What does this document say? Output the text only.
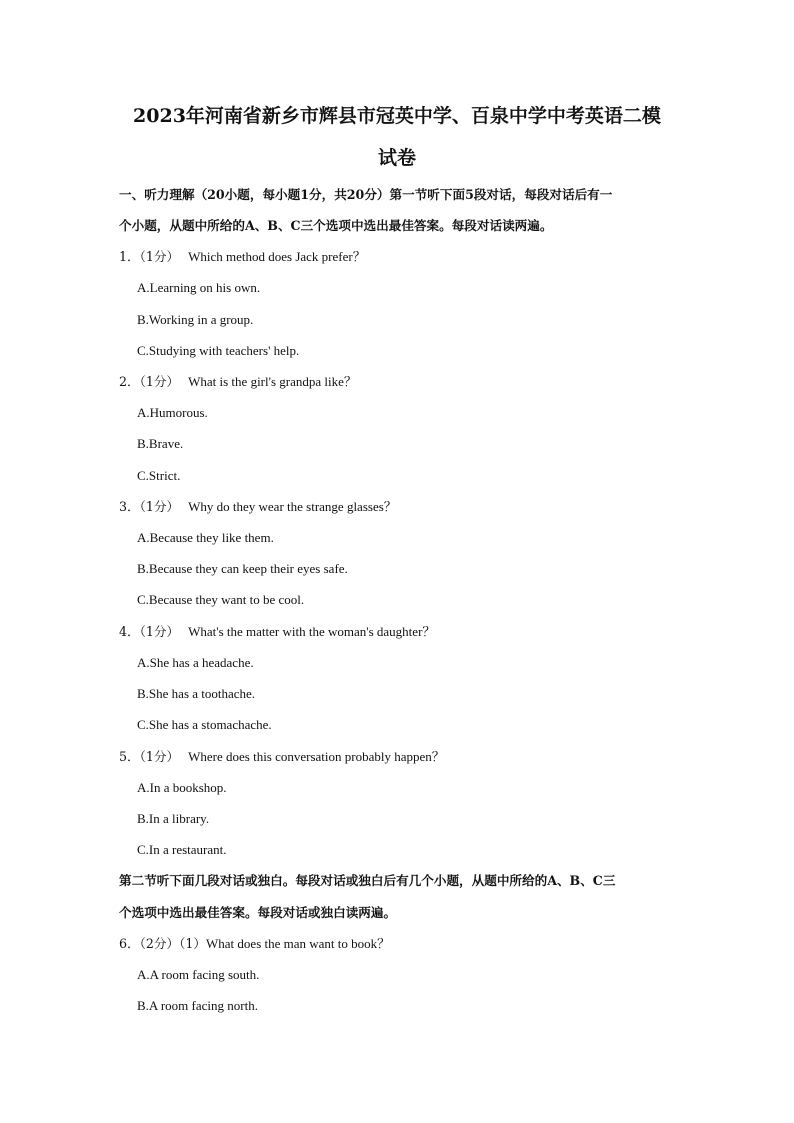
2023年河南省新乡市辉县市冠英中学、百泉中学中考英语二模
试卷
一、听力理解（20小题，每小题1分，共20分）第一节听下面5段对话，每段对话后有一
个小题，从题中所给的A、B、C三个选项中选出最佳答案。每段对话读两遍。
1．（1分） Which method does Jack prefer？
A.Learning on his own.
B.Working in a group.
C.Studying with teachers' help.
2．（1分） What is the girl's grandpa like？
A.Humorous.
B.Brave.
C.Strict.
3．（1分） Why do they wear the strange glasses？
A.Because they like them.
B.Because they can keep their eyes safe.
C.Because they want to be cool.
4．（1分） What's the matter with the woman's daughter？
A.She has a headache.
B.She has a toothache.
C.She has a stomachache.
5．（1分） Where does this conversation probably happen？
A.In a bookshop.
B.In a library.
C.In a restaurant.
第二节听下面几段对话或独白。每段对话或独白后有几个小题，从题中所给的A、B、C三
个选项中选出最佳答案。每段对话或独白读两遍。
6．（2分）（1）What does the man want to book？
A.A room facing south.
B.A room facing north.
